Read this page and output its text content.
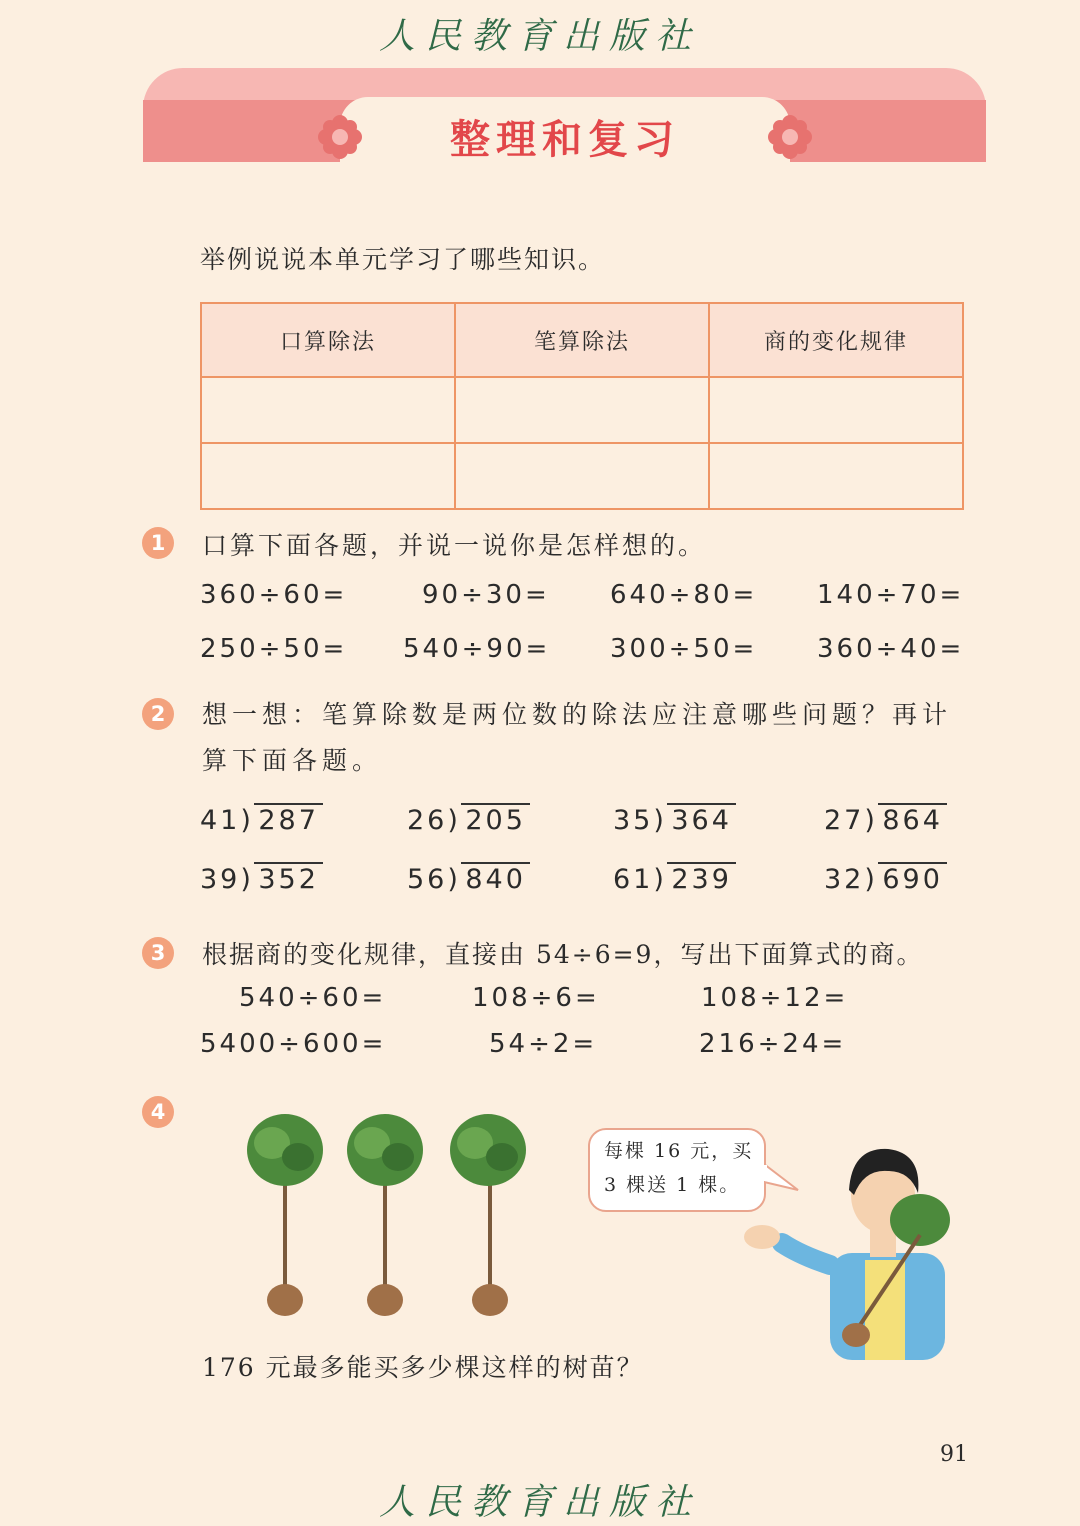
人民教育出版社
整理和复习
举例说说本单元学习了哪些知识。
口算除法	笔算除法	商的变化规律

1	口算下面各题，并说一说你是怎样想的。
360÷60=	90÷30= 640÷80= 140÷70=
250÷50= 540÷90= 300÷50= 360÷40=
2	想一想：笔算除数是两位数的除法应注意哪些问题？再计算下面各题。
41) 287	26) 205	35) 364	27) 864
39) 352	56) 840	61) 239	32) 690
3	根据商的变化规律，直接由 54÷6=9，写出下面算式的商。
540÷60=	108÷6=	108÷12=
5400÷600=	54÷2=	216÷24=
4
每棵 16 元，买
3 棵送 1 棵。
176 元最多能买多少棵这样的树苗？
91
人民教育出版社
